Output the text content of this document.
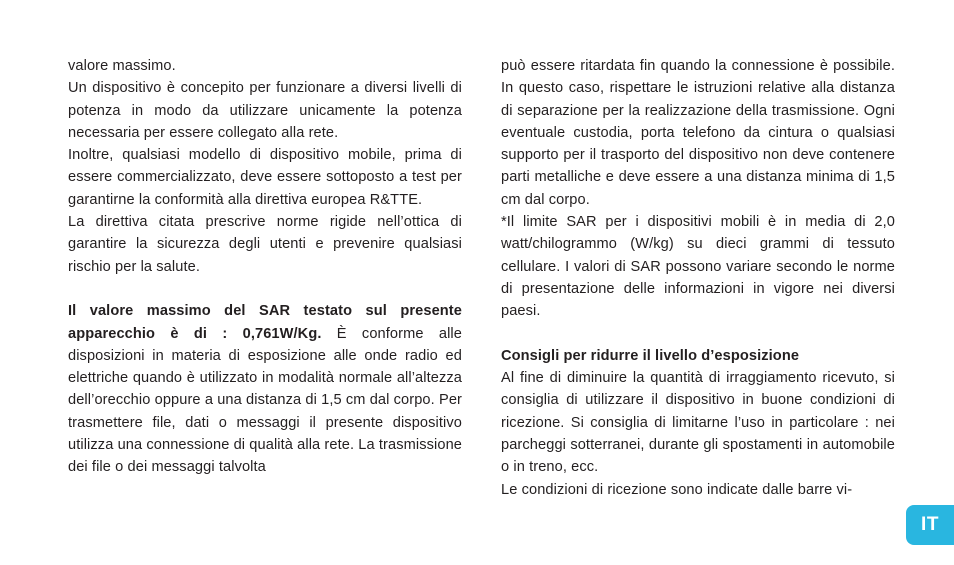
valore massimo.

Un dispositivo è concepito per funzionare a diversi livelli di potenza in modo da utilizzare unicamente la potenza necessaria per essere collegato alla rete.

Inoltre, qualsiasi modello di dispositivo mobile, prima di essere commercializzato, deve essere sottoposto a test per garantirne la conformità alla direttiva europea R&TTE.

La direttiva citata prescrive norme rigide nell’ottica di garantire la sicurezza degli utenti e prevenire qualsiasi rischio per la salute.

Il valore massimo del SAR testato sul presente apparecchio è di : 0,761W/Kg. È conforme alle disposizioni in materia di esposizione alle onde radio ed elettriche quando è utilizzato in modalità normale all’altezza dell’orecchio oppure a una distanza di 1,5 cm dal corpo. Per trasmettere file, dati o messaggi il presente dispositivo utilizza una connessione di qualità alla rete. La trasmissione dei file o dei messaggi talvolta

può essere ritardata fin quando la connessione è possibile. In questo caso, rispettare le istruzioni relative alla distanza di separazione per la realizzazione della trasmissione. Ogni eventuale custodia, porta telefono da cintura o qualsiasi supporto per il trasporto del dispositivo non deve contenere parti metalliche e deve essere a una distanza minima di 1,5 cm dal corpo.

*Il limite SAR per i dispositivi mobili è in media di 2,0 watt/chilogrammo (W/kg) su dieci grammi di tessuto cellulare. I valori di SAR possono variare secondo le norme di presentazione delle informazioni in vigore nei diversi paesi.

Consigli per ridurre il livello d’esposizione

Al fine di diminuire la quantità di irraggiamento ricevuto, si consiglia di utilizzare il dispositivo in buone condizioni di ricezione. Si consiglia di limitarne l’uso in particolare : nei parcheggi sotterranei, durante gli spostamenti in automobile o in treno, ecc.

Le condizioni di ricezione sono indicate dalle barre vi-

IT
